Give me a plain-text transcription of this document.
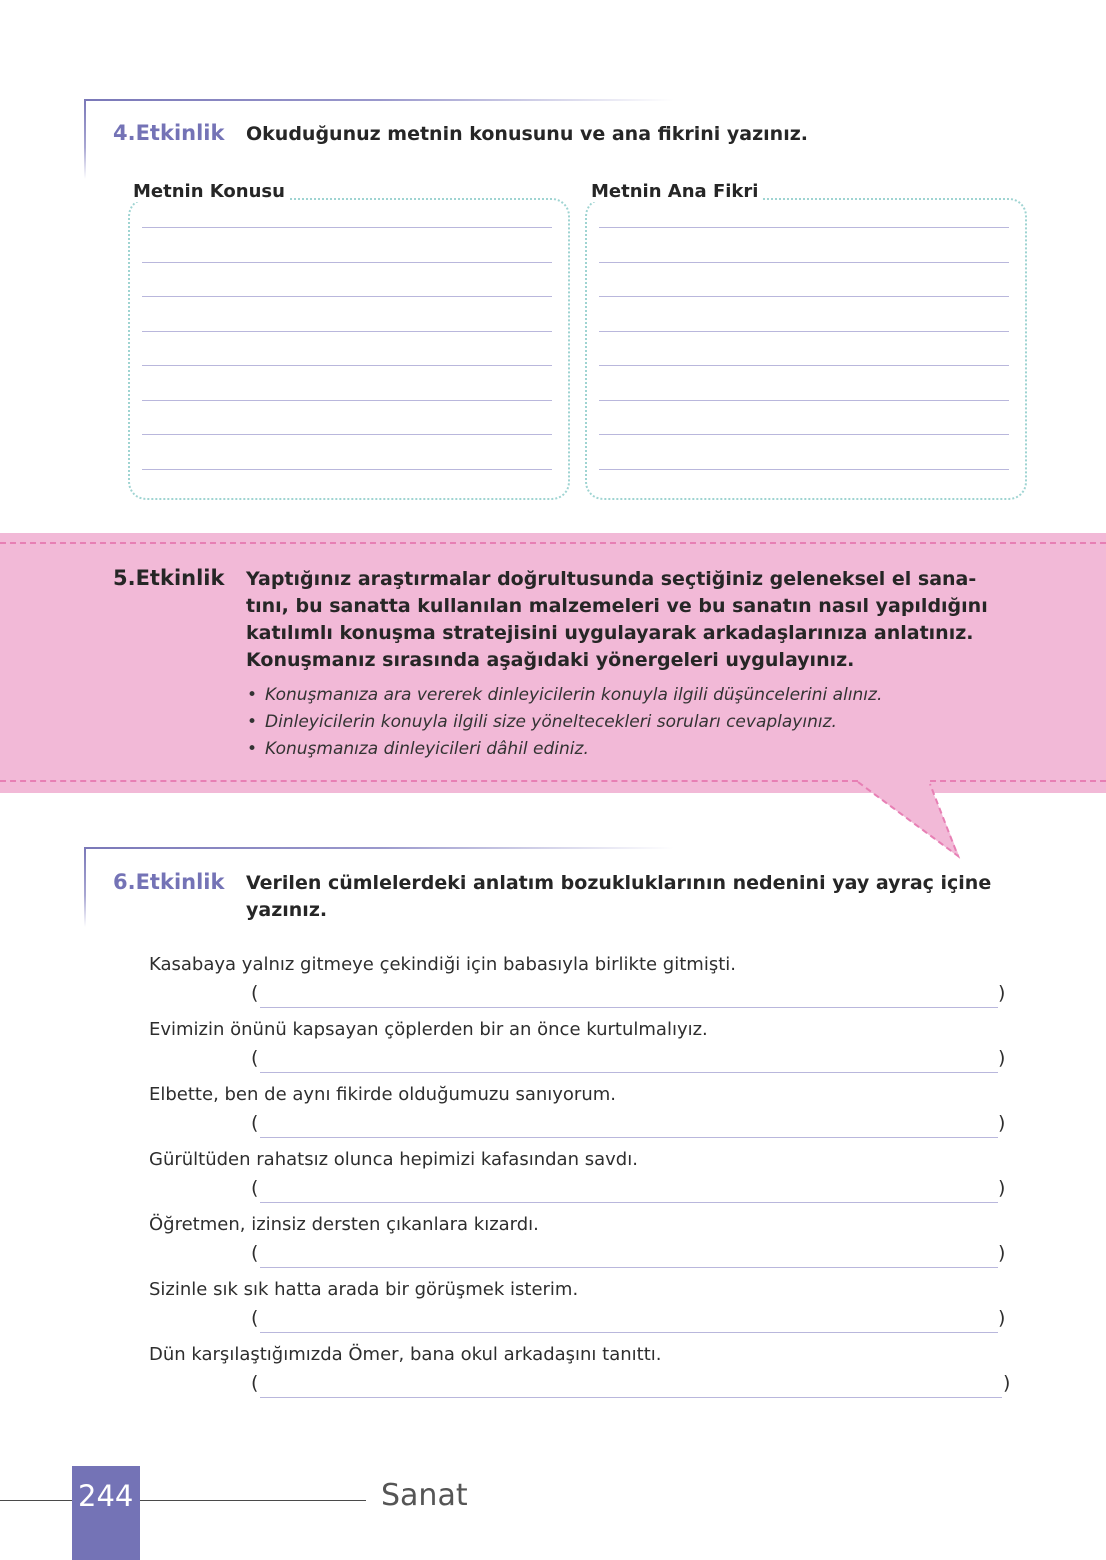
4.Etkinlik Okuduğunuz metnin konusunu ve ana fikrini yazınız.
Metnin Konusu	Metnin Ana Fikri
5.Etkinlik Yaptığınız araştırmalar doğrultusunda seçtiğiniz geleneksel el sana-
tını, bu sanatta kullanılan malzemeleri ve bu sanatın nasıl yapıldığını
katılımlı konuşma stratejisini uygulayarak arkadaşlarınıza anlatınız.
Konuşmanız sırasında aşağıdaki yönergeleri uygulayınız.
• Konuşmanıza ara vererek dinleyicilerin konuyla ilgili düşüncelerini alınız.
• Dinleyicilerin konuyla ilgili size yöneltecekleri soruları cevaplayınız.
• Konuşmanıza dinleyicileri dâhil ediniz.
6.Etkinlik Verilen cümlelerdeki anlatım bozukluklarının nedenini yay ayraç içine
yazınız.
Kasabaya yalnız gitmeye çekindiği için babasıyla birlikte gitmişti.
(	)
Evimizin önünü kapsayan çöplerden bir an önce kurtulmalıyız.
(	)
Elbette, ben de aynı fikirde olduğumuzu sanıyorum.
(	)
Gürültüden rahatsız olunca hepimizi kafasından savdı.
(	)
Öğretmen, izinsiz dersten çıkanlara kızardı.
(	)
Sizinle sık sık hatta arada bir görüşmek isterim.
(	)
Dün karşılaştığımızda Ömer, bana okul arkadaşını tanıttı.
(	)
244	Sanat
